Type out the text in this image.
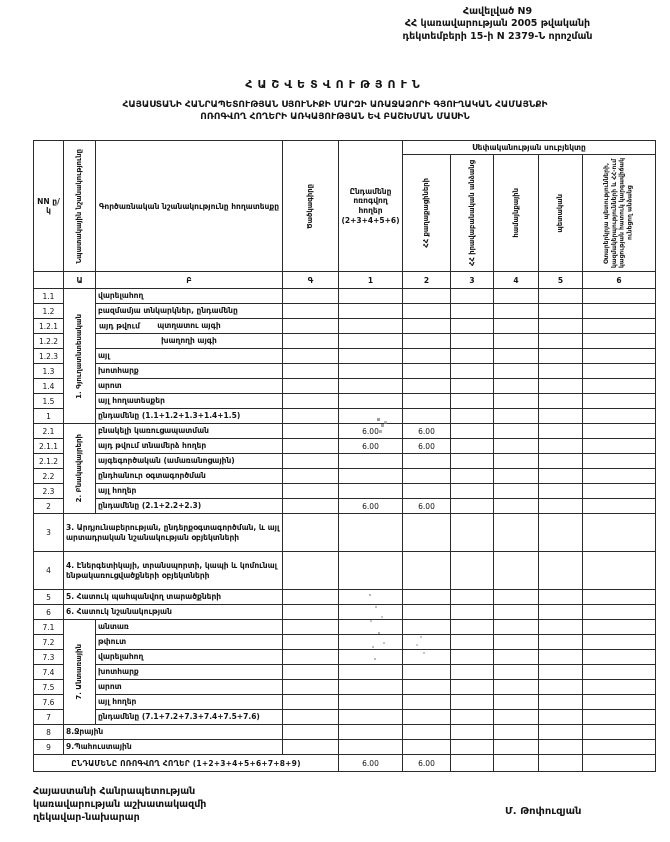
Հավելված N9
ՀՀ կառավարության 2005 թվականի
դեկտեմբերի 15-ի N 2379-Ն որոշման
ՀԱՇՎԵՏՎՈՒԹՅՈՒՆ
ՀԱՅԱՍՏԱՆԻ ՀԱՆՐԱՊԵՏՈՒԹՅԱՆ ՍՅՈՒՆԻՔԻ ՄԱՐԶԻ ԱՌԱՋԱՁՈՐԻ ԳՅՈՒՂԱԿԱՆ ՀԱՄԱՅՆՔԻ
ՈՌՈԳՎՈՂ ՀՈՂԵՐԻ ԱՌԿԱՅՈՒԹՅԱՆ ԵՎ ԲԱՇԽՄԱՆ ՄԱՍԻՆ
NN ը/կ	Նպատակային նշանակությունը	Գործառնական նշանակությունը հողատեսքը	Ծածկագիրը	Ընդամենը ոռոգվող հողեր (2+3+4+5+6)	Սեփականության սուբյեկտը				

					ՀՀ քաղաքացիների	ՀՀ իրավաբանական անձանց	համայնքային	պետական	Օտարերկրյա պետությունների, կազմակերպությունների և ՀՀ-ում կացության հատուկ կարգավիճակ ունեցող անձանց

	Ա	Բ	Գ	1	2	3	4	5	6
1.1	1. Գյուղատնտեսական	վարելահող							
1.2		բազմամյա տնկարկներ, ընդամենը							
1.2.1		այդ թվում պտղատու այգի							
1.2.2		խաղողի այգի							
1.2.3		այլ							
1.3		խոտհարք							
1.4		արոտ							
1.5		այլ հողատեսքեր							
1		ընդամենը (1.1+1.2+1.3+1.4+1.5)							
2.1	2. Բնակավայրերի	բնակելի կառուցապատման		6.00	6.00				
2.1.1		այդ թվում տնամերձ հողեր		6.00	6.00				
2.1.2		այգեգործական (ամառանոցային)							
2.2		ընդհանուր օգտագործման							
2.3		այլ հողեր							
2		ընդամենը (2.1+2.2+2.3)		6.00	6.00				
3	3. Արդյունաբերության, ընդերքօգտագործման, և այլ արտադրական նշանակության օբյեկտների								
4	4. Էներգետիկայի, տրանսպորտի, կապի և կոմունալ ենթակառուցվածքների օբյեկտների								
5	5. Հատուկ պահպանվող տարածքների								
6	6. Հատուկ նշանակության								
7.1	7. Անտառային	անտառ							
7.2		թփուտ							
7.3		վարելահող							
7.4		խոտհարք							
7.5		արոտ							
7.6		այլ հողեր							
7		ընդամենը (7.1+7.2+7.3+7.4+7.5+7.6)							
8	8.Ջրային								
9	9.Պահուստային								
ԸՆԴԱՄԵՆԸ ՈՌՈԳՎՈՂ ՀՈՂԵՐ (1+2+3+4+5+6+7+8+9)				6.00	6.00				
Հայաստանի Հանրապետության
կառավարության աշխատակազմի
ղեկավար-նախարար
Մ. Թոփուզյան
